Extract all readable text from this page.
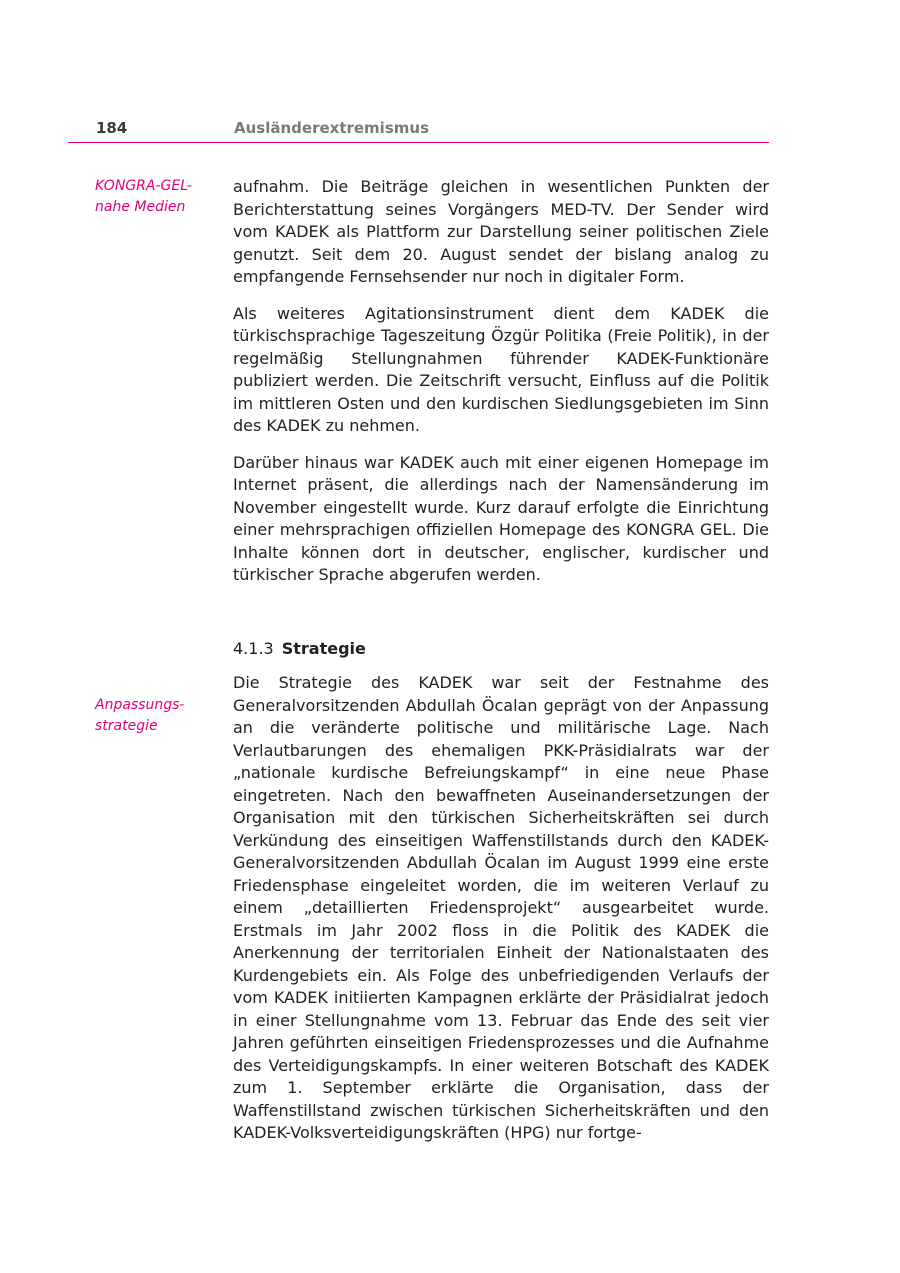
184	Ausländerextremismus
KONGRA-GEL-nahe Medien

aufnahm. Die Beiträge gleichen in wesentlichen Punkten der Berichterstattung seines Vorgängers MED-TV. Der Sender wird vom KADEK als Plattform zur Darstellung seiner politischen Ziele genutzt. Seit dem 20. August sendet der bislang analog zu empfangende Fernsehsender nur noch in digitaler Form.

Als weiteres Agitationsinstrument dient dem KADEK die türkischsprachige Tageszeitung Özgür Politika (Freie Politik), in der regelmäßig Stellungnahmen führender KADEK-Funktionäre publiziert werden. Die Zeitschrift versucht, Einfluss auf die Politik im mittleren Osten und den kurdischen Siedlungsgebieten im Sinn des KADEK zu nehmen.

Darüber hinaus war KADEK auch mit einer eigenen Homepage im Internet präsent, die allerdings nach der Namensänderung im November eingestellt wurde. Kurz darauf erfolgte die Einrichtung einer mehrsprachigen offiziellen Homepage des KONGRA GEL. Die Inhalte können dort in deutscher, englischer, kurdischer und türkischer Sprache abgerufen werden.

4.1.3 Strategie
Anpassungs-strategie

Die Strategie des KADEK war seit der Festnahme des Generalvorsitzenden Abdullah Öcalan geprägt von der Anpassung an die veränderte politische und militärische Lage. Nach Verlautbarungen des ehemaligen PKK-Präsidialrats war der „nationale kurdische Befreiungskampf“ in eine neue Phase eingetreten. Nach den bewaffneten Auseinandersetzungen der Organisation mit den türkischen Sicherheitskräften sei durch Verkündung des einseitigen Waffenstillstands durch den KADEK-Generalvorsitzenden Abdullah Öcalan im August 1999 eine erste Friedensphase eingeleitet worden, die im weiteren Verlauf zu einem „detaillierten Friedensprojekt“ ausgearbeitet wurde. Erstmals im Jahr 2002 floss in die Politik des KADEK die Anerkennung der territorialen Einheit der Nationalstaaten des Kurdengebiets ein. Als Folge des unbefriedigenden Verlaufs der vom KADEK initiierten Kampagnen erklärte der Präsidialrat jedoch in einer Stellungnahme vom 13. Februar das Ende des seit vier Jahren geführten einseitigen Friedensprozesses und die Aufnahme des Verteidigungskampfs. In einer weiteren Botschaft des KADEK zum 1. September erklärte die Organisation, dass der Waffenstillstand zwischen türkischen Sicherheitskräften und den KADEK-Volksverteidigungskräften (HPG) nur fortge-
